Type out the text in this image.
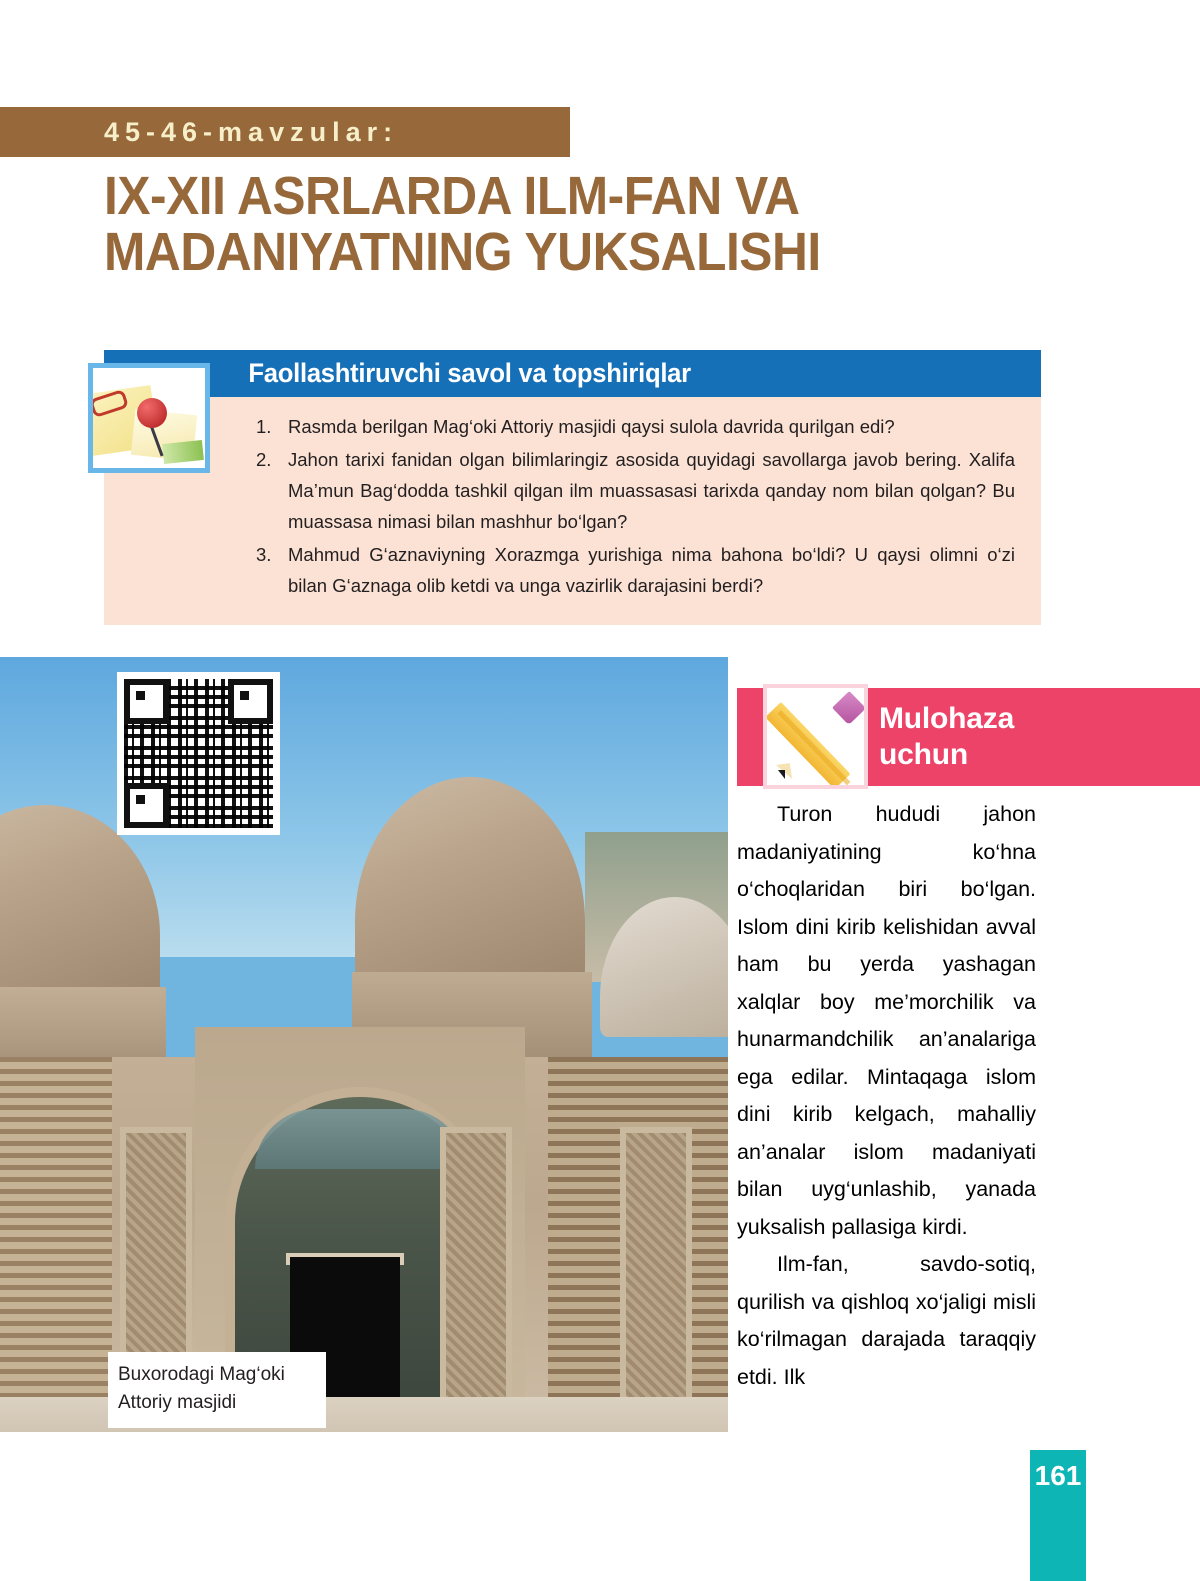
45-46-mavzular:
IX-XII ASRLARDA ILM-FAN VA
MADANIYATNING YUKSALISHI
Faollashtiruvchi savol va topshiriqlar
1. Rasmda berilgan Mag‘oki Attoriy masjidi qaysi sulola davrida qurilgan edi?
2. Jahon tarixi fanidan olgan bilimlaringiz asosida quyidagi savollarga javob bering. Xalifa Ma’mun Bag‘dodda tashkil qilgan ilm muassasasi tarixda qanday nom bilan qolgan? Bu muassasa nimasi bilan mashhur bo‘lgan?
3. Mahmud G‘aznaviyning Xorazmga yurishiga nima bahona bo‘ldi? U qaysi olimni o‘zi bilan G‘aznaga olib ketdi va unga vazirlik darajasini berdi?
Buxorodagi Mag‘oki Attoriy masjidi
Mulohaza
uchun

Turon hududi jahon madaniyatining ko‘hna o‘choqlaridan biri bo‘lgan. Islom dini kirib kelishidan avval ham bu yerda yashagan xalqlar boy me’morchilik va hunarmandchilik an’analariga ega edilar. Mintaqaga islom dini kirib kelgach, mahalliy an’analar islom madaniyati bilan uyg‘unlashib, yanada yuksalish pallasiga kirdi.

Ilm-fan, savdo-sotiq, qurilish va qishloq xo‘jaligi misli ko‘rilmagan darajada taraqqiy etdi. Ilk

161
